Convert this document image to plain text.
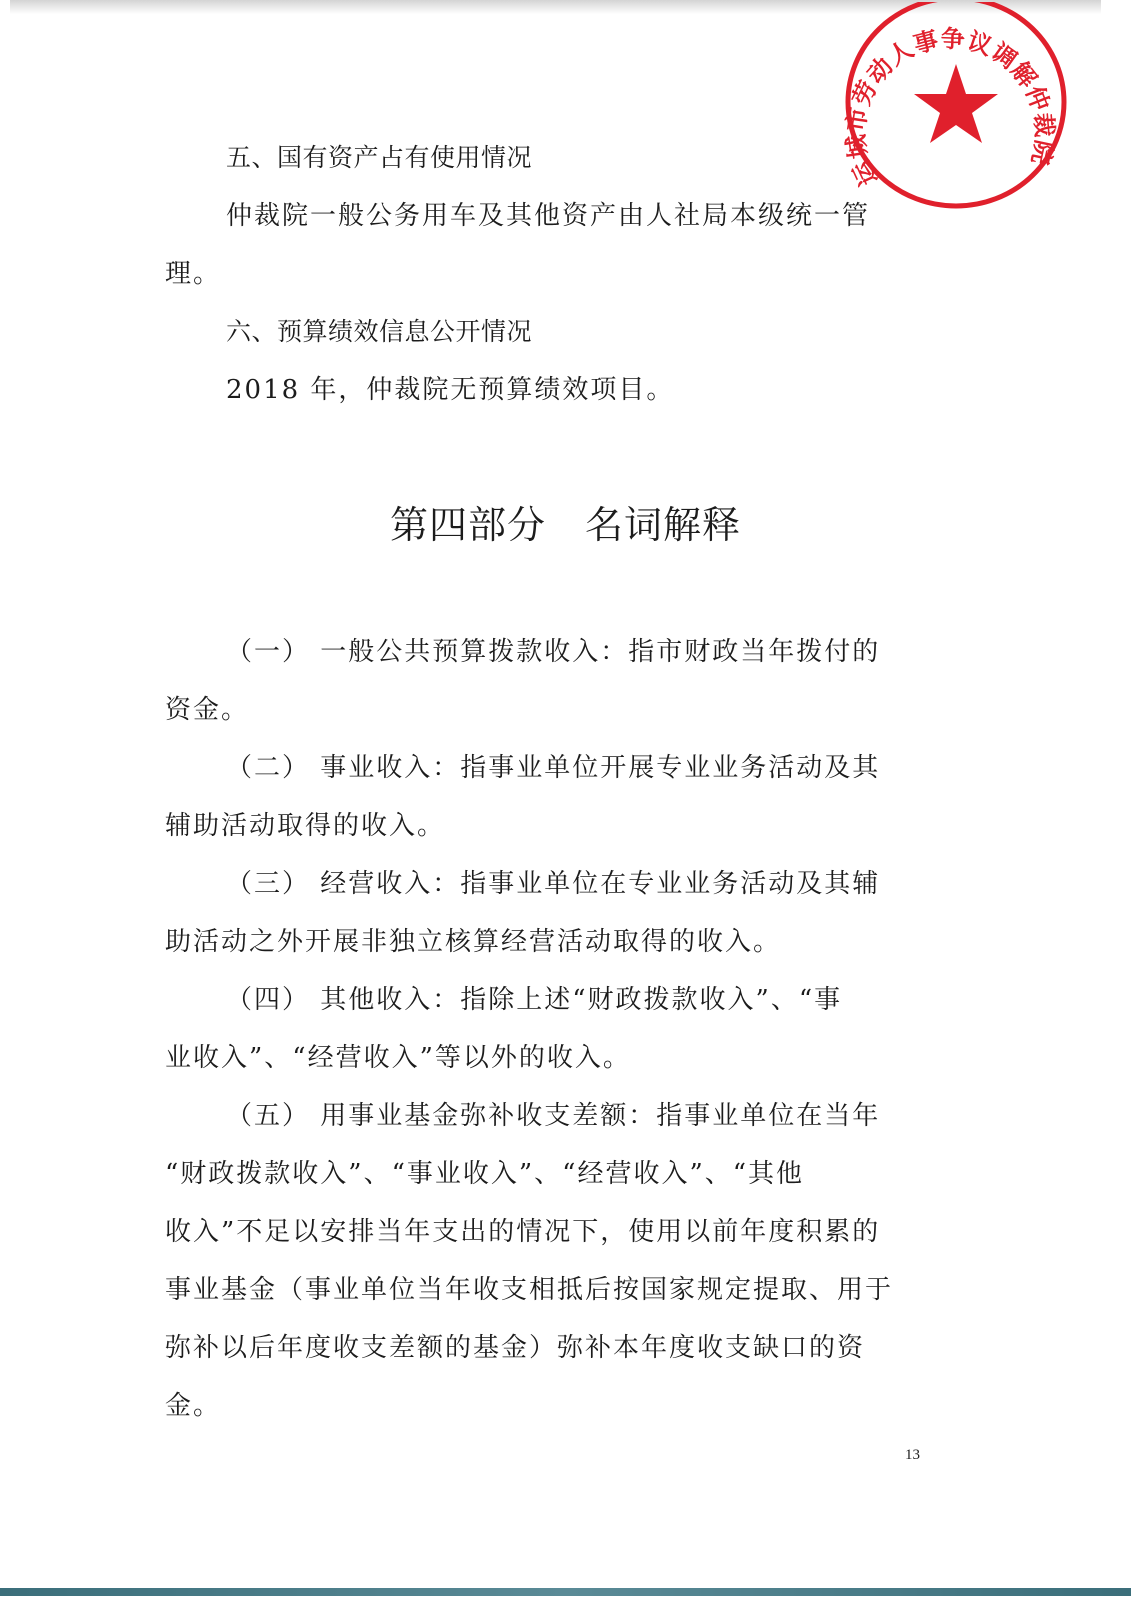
五、国有资产占有使用情况

仲裁院一般公务用车及其他资产由人社局本级统一管

理。

六、预算绩效信息公开情况

2018 年，仲裁院无预算绩效项目。

第四部分　名词解释

（一） 一般公共预算拨款收入：指市财政当年拨付的

资金。

（二） 事业收入：指事业单位开展专业业务活动及其

辅助活动取得的收入。

（三） 经营收入：指事业单位在专业业务活动及其辅

助活动之外开展非独立核算经营活动取得的收入。

（四） 其他收入：指除上述“财政拨款收入”、“事

业收入”、“经营收入”等以外的收入。

（五） 用事业基金弥补收支差额：指事业单位在当年

“财政拨款收入”、“事业收入”、“经营收入”、“其他

收入”不足以安排当年支出的情况下，使用以前年度积累的

事业基金（事业单位当年收支相抵后按国家规定提取、用于

弥补以后年度收支差额的基金）弥补本年度收支缺口的资

金。

运城市劳动人事争议调解仲裁院
13
